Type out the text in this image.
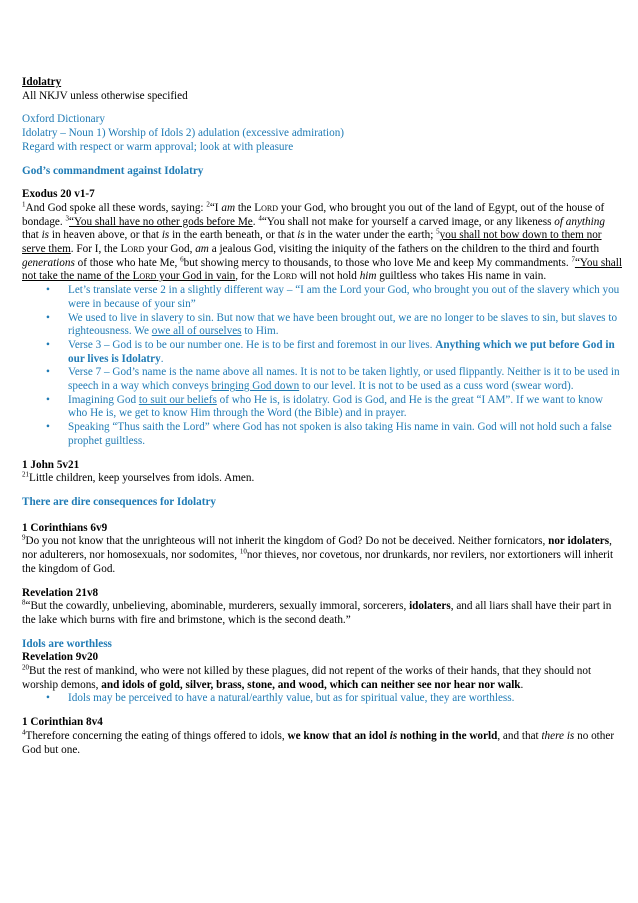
Idolatry

All NKJV unless otherwise specified

Oxford Dictionary

Idolatry – Noun 1) Worship of Idols 2) adulation (excessive admiration)

Regard with respect or warm approval; look at with pleasure

God’s commandment against Idolatry

Exodus 20 v1-7

$^1$And God spoke all these words, saying: $^2$“I am the Lord your God, who brought you out of the land of Egypt, out of the house of bondage. $^3$“You shall have no other gods before Me. $^4$“You shall not make for yourself a carved image, or any likeness of anything that is in heaven above, or that is in the earth beneath, or that is in the water under the earth; $^5$you shall not bow down to them nor serve them. For I, the Lord your God, am a jealous God, visiting the iniquity of the fathers on the children to the third and fourth generations of those who hate Me, $^6$but showing mercy to thousands, to those who love Me and keep My commandments. $^7$“You shall not take the name of the Lord your God in vain, for the Lord will not hold him guiltless who takes His name in vain.

• Let’s translate verse 2 in a slightly different way – “I am the Lord your God, who brought you out of the slavery which you were in because of your sin”
• We used to live in slavery to sin. But now that we have been brought out, we are no longer to be slaves to sin, but slaves to righteousness. We owe all of ourselves to Him.
• Verse 3 – God is to be our number one. He is to be first and foremost in our lives. Anything which we put before God in our lives is Idolatry.
• Verse 7 – God’s name is the name above all names. It is not to be taken lightly, or used flippantly. Neither is it to be used in speech in a way which conveys bringing God down to our level. It is not to be used as a cuss word (swear word).
• Imagining God to suit our beliefs of who He is, is idolatry. God is God, and He is the great “I AM”. If we want to know who He is, we get to know Him through the Word (the Bible) and in prayer.
• Speaking “Thus saith the Lord” where God has not spoken is also taking His name in vain. God will not hold such a false prophet guiltless.

1 John 5v21

$^{21}$Little children, keep yourselves from idols. Amen.

There are dire consequences for Idolatry

1 Corinthians 6v9

$^9$Do you not know that the unrighteous will not inherit the kingdom of God? Do not be deceived. Neither fornicators, nor idolaters, nor adulterers, nor homosexuals, nor sodomites, $^{10}$nor thieves, nor covetous, nor drunkards, nor revilers, nor extortioners will inherit the kingdom of God.

Revelation 21v8

$^8$“But the cowardly, unbelieving, abominable, murderers, sexually immoral, sorcerers, idolaters, and all liars shall have their part in the lake which burns with fire and brimstone, which is the second death.”

Idols are worthless

Revelation 9v20

$^{20}$But the rest of mankind, who were not killed by these plagues, did not repent of the works of their hands, that they should not worship demons, and idols of gold, silver, brass, stone, and wood, which can neither see nor hear nor walk.

• Idols may be perceived to have a natural/earthly value, but as for spiritual value, they are worthless.

1 Corinthian 8v4

$^4$Therefore concerning the eating of things offered to idols, we know that an idol is nothing in the world, and that there is no other God but one.
